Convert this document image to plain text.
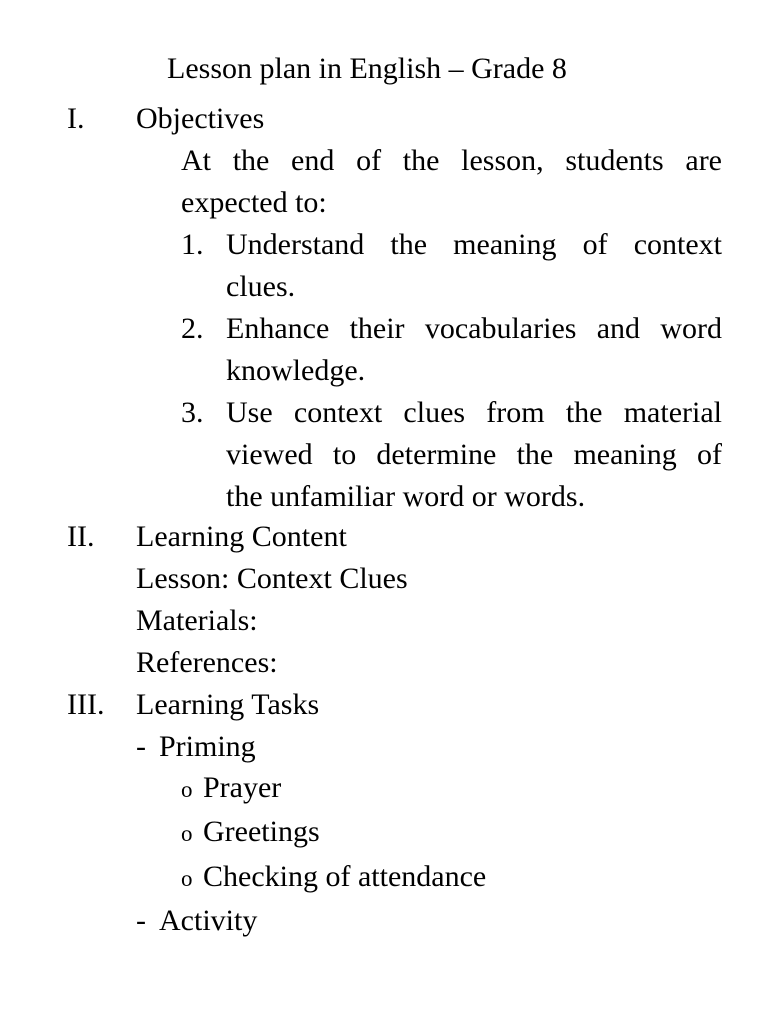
Lesson plan in English – Grade 8
I. Objectives
At the end of the lesson, students are
expected to:
1. Understand the meaning of context
clues.
2. Enhance their vocabularies and word
knowledge.
3. Use context clues from the material
viewed to determine the meaning of
the unfamiliar word or words.
II. Learning Content
Lesson: Context Clues
Materials:
References:
III. Learning Tasks
- Priming
o Prayer
o Greetings
o Checking of attendance
- Activity
